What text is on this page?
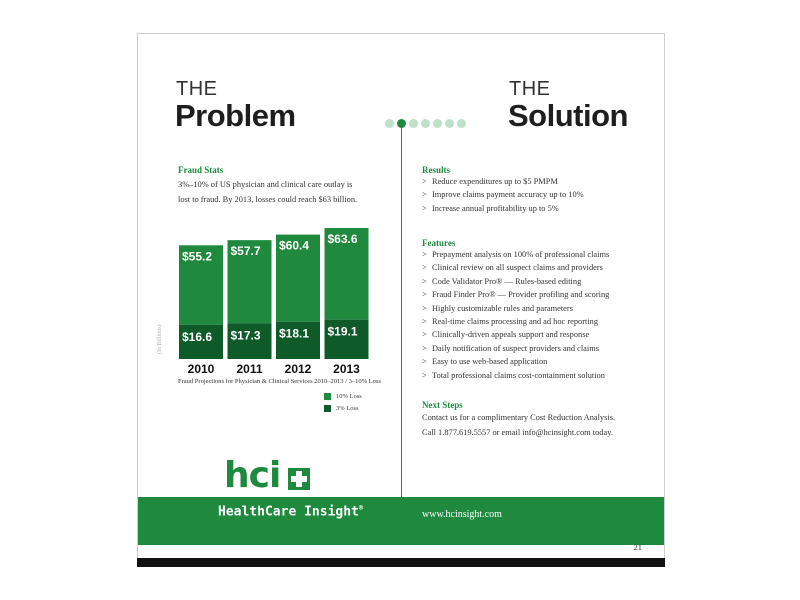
THE
Problem
THE
Solution
Fraud Stats
3%–10% of US physician and clinical care outlay is
lost to fraud. By 2013, losses could reach $63 billion.
$55.2
$16.6
2010
$57.7
$17.3
2011
$60.4
$18.1
2012
$63.6
$19.1
2013
(In Billions)
Fraud Projections for Physician & Clinical Services 2010–2013 / 3–10% Loss
10% Loss
3% Loss
Results
> Reduce expenditures up to $5 PMPM
> Improve claims payment accuracy up to 10%
> Increase annual profitability up to 5%
Features
> Prepayment analysis on 100% of professional claims
> Clinical review on all suspect claims and providers
> Code Validator Pro® — Rules-based editing
> Fraud Finder Pro® — Provider profiling and scoring
> Highly customizable rules and parameters
> Real-time claims processing and ad hoc reporting
> Clinically-driven appeals support and response
> Daily notification of suspect providers and claims
> Easy to use web-based application
> Total professional claims cost-containment solution
Next Steps
Contact us for a complimentary Cost Reduction Analysis.
Call 1.877.619.5557 or email info@hcinsight.com today.
hci
HealthCare Insight®
www.hcinsight.com
21
